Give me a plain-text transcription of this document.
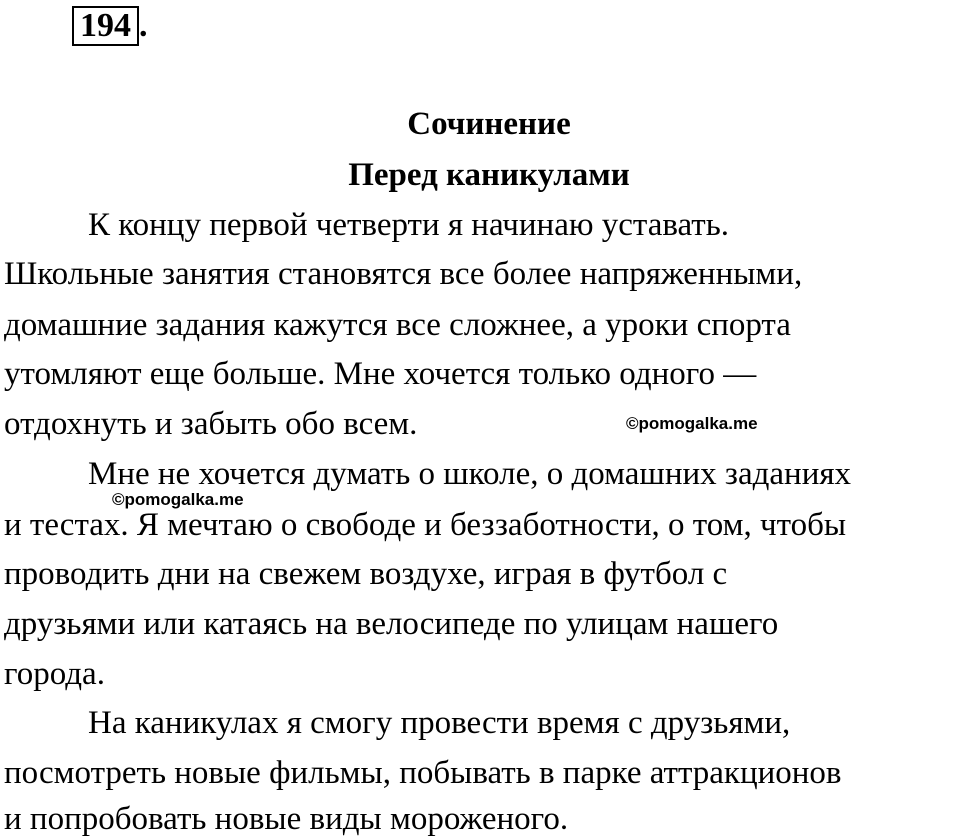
194 .
Сочинение
Перед каникулами
К концу первой четверти я начинаю уставать.
Школьные занятия становятся все более напряженными,
домашние задания кажутся все сложнее, а уроки спорта
утомляют еще больше. Мне хочется только одного —
отдохнуть и забыть обо всем.
Мне не хочется думать о школе, о домашних заданиях
и тестах. Я мечтаю о свободе и беззаботности, о том, чтобы
проводить дни на свежем воздухе, играя в футбол с
друзьями или катаясь на велосипеде по улицам нашего
города.
На каникулах я смогу провести время с друзьями,
посмотреть новые фильмы, побывать в парке аттракционов
и попробовать новые виды мороженого.
©pomogalka.me
©pomogalka.me
